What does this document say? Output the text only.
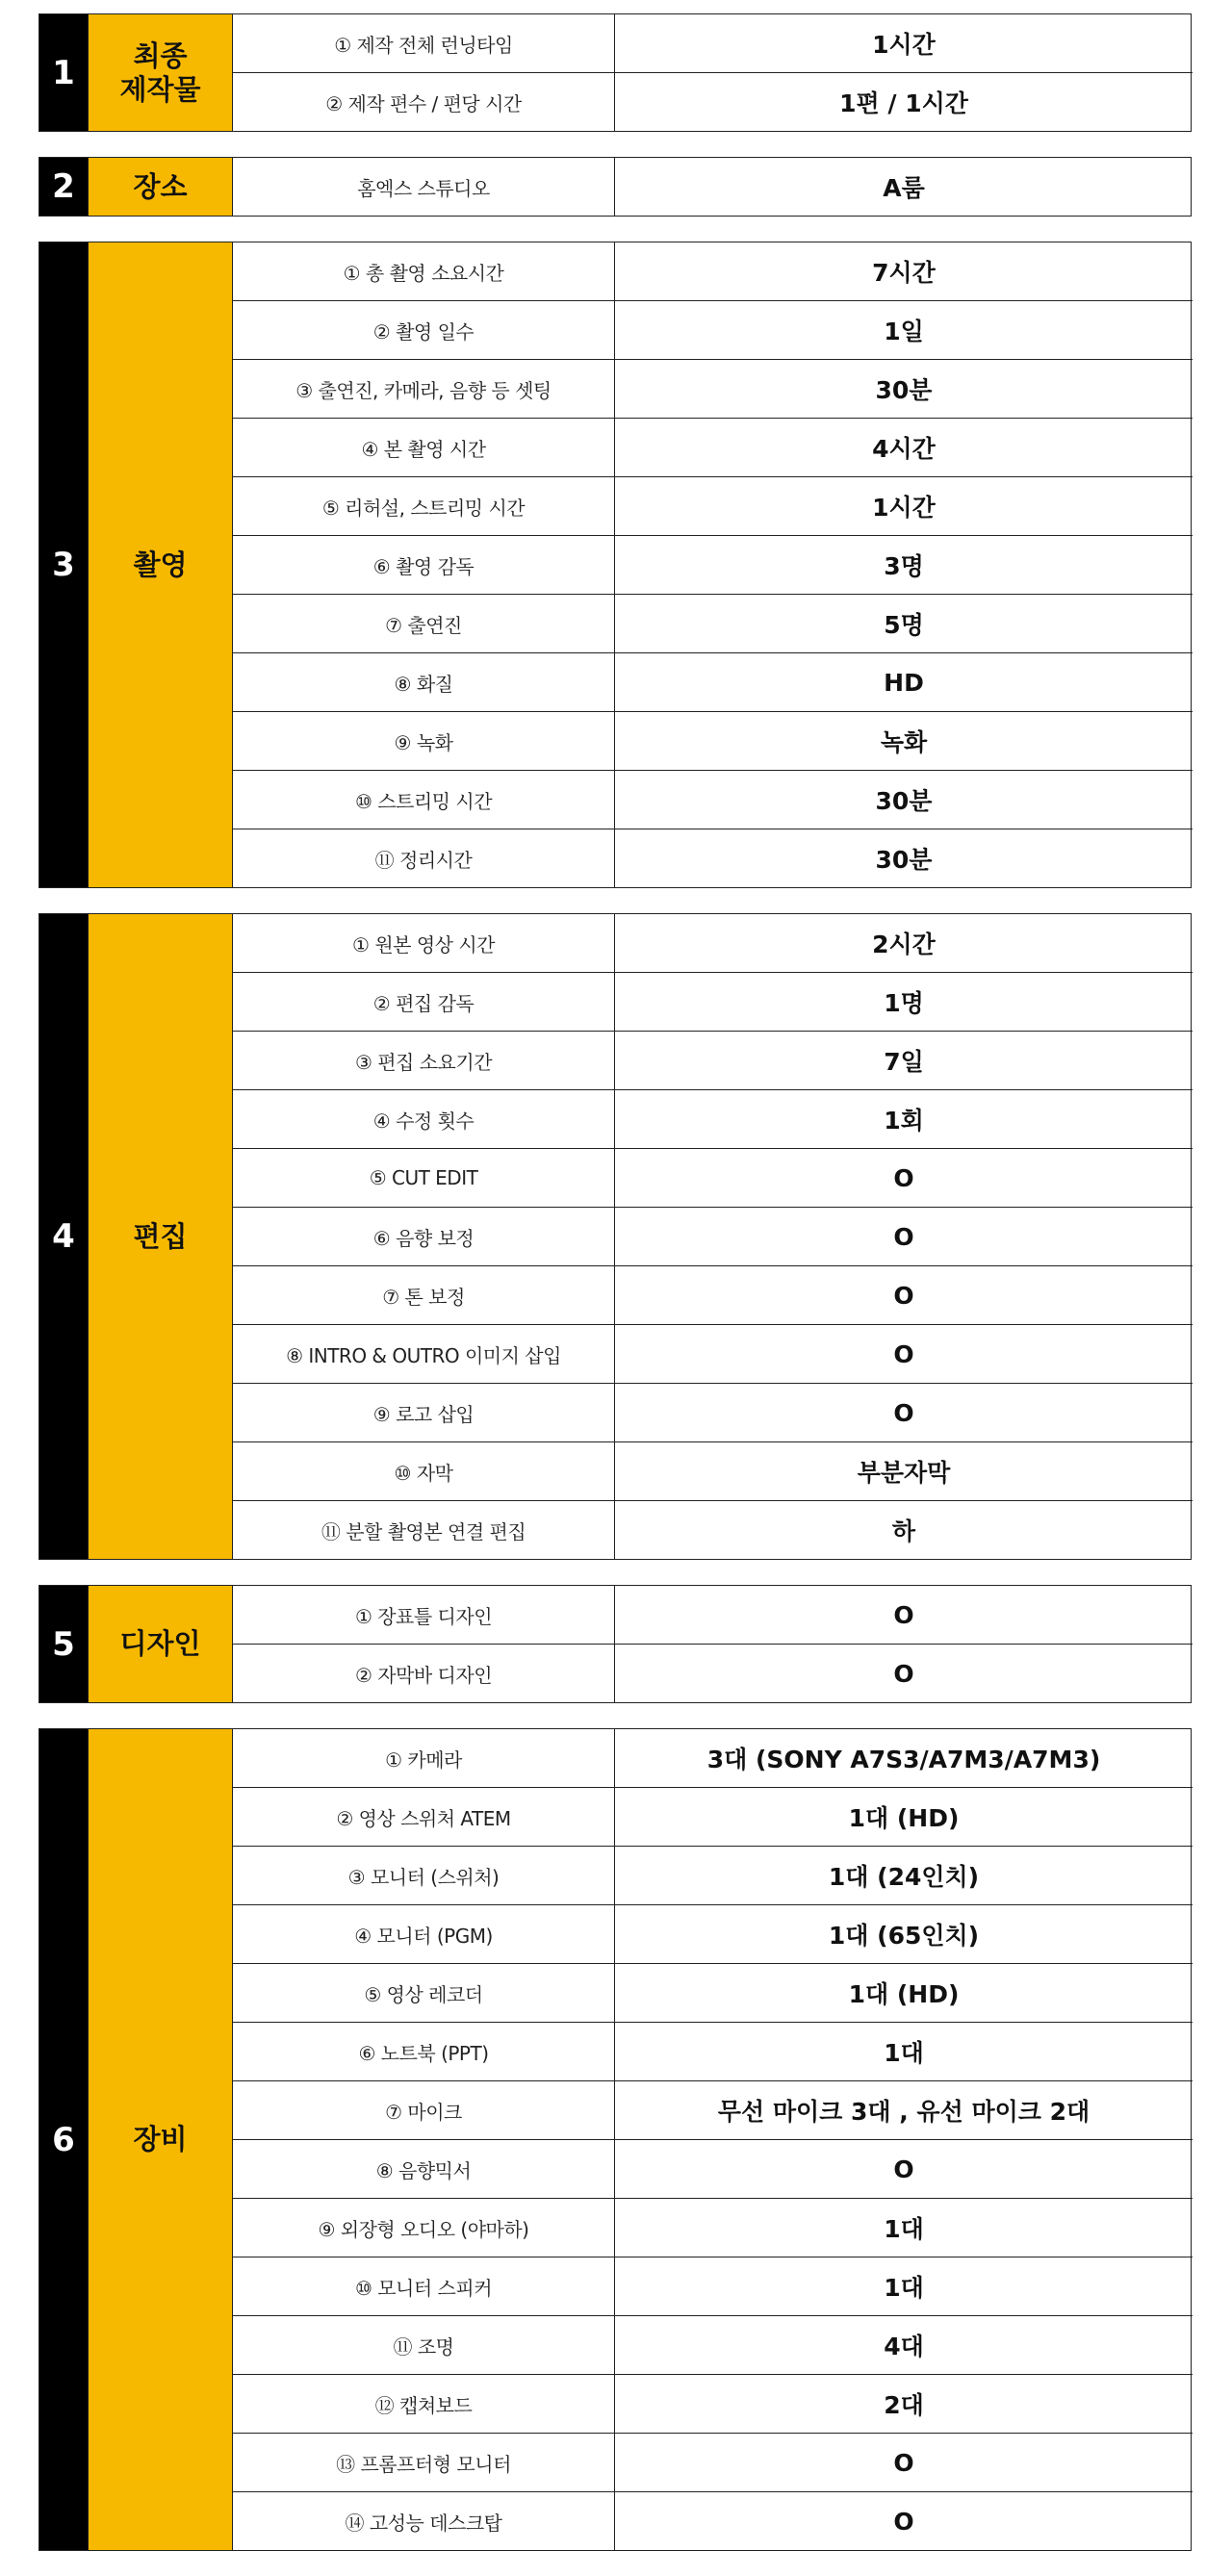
1	최종
제작물
① 제작 전체 런닝타임	1시간
② 제작 편수 / 편당 시간	1편 / 1시간
2	장소	홈엑스 스튜디오	A룸
3	촬영
① 총 촬영 소요시간	7시간
② 촬영 일수	1일
③ 출연진, 카메라, 음향 등 셋팅	30분
④ 본 촬영 시간	4시간
⑤ 리허설, 스트리밍 시간	1시간
⑥ 촬영 감독	3명
⑦ 출연진	5명
⑧ 화질	HD
⑨ 녹화	녹화
⑩ 스트리밍 시간	30분
⑪ 정리시간	30분
4	편집
① 원본 영상 시간	2시간
② 편집 감독	1명
③ 편집 소요기간	7일
④ 수정 횟수	1회
⑤ CUT EDIT	O
⑥ 음향 보정	O
⑦ 톤 보정	O
⑧ INTRO & OUTRO 이미지 삽입	O
⑨ 로고 삽입	O
⑩ 자막	부분자막
⑪ 분할 촬영본 연결 편집	하
5	디자인
① 장표틀 디자인	O
② 자막바 디자인	O
6	장비
① 카메라	3대 (SONY A7S3/A7M3/A7M3)
② 영상 스위처 ATEM	1대 (HD)
③ 모니터 (스위처)	1대 (24인치)
④ 모니터 (PGM)	1대 (65인치)
⑤ 영상 레코더	1대 (HD)
⑥ 노트북 (PPT)	1대
⑦ 마이크	무선 마이크 3대 , 유선 마이크 2대
⑧ 음향믹서	O
⑨ 외장형 오디오 (야마하)	1대
⑩ 모니터 스피커	1대
⑪ 조명	4대
⑫ 캡쳐보드	2대
⑬ 프롬프터형 모니터	O
⑭ 고성능 데스크탑	O
